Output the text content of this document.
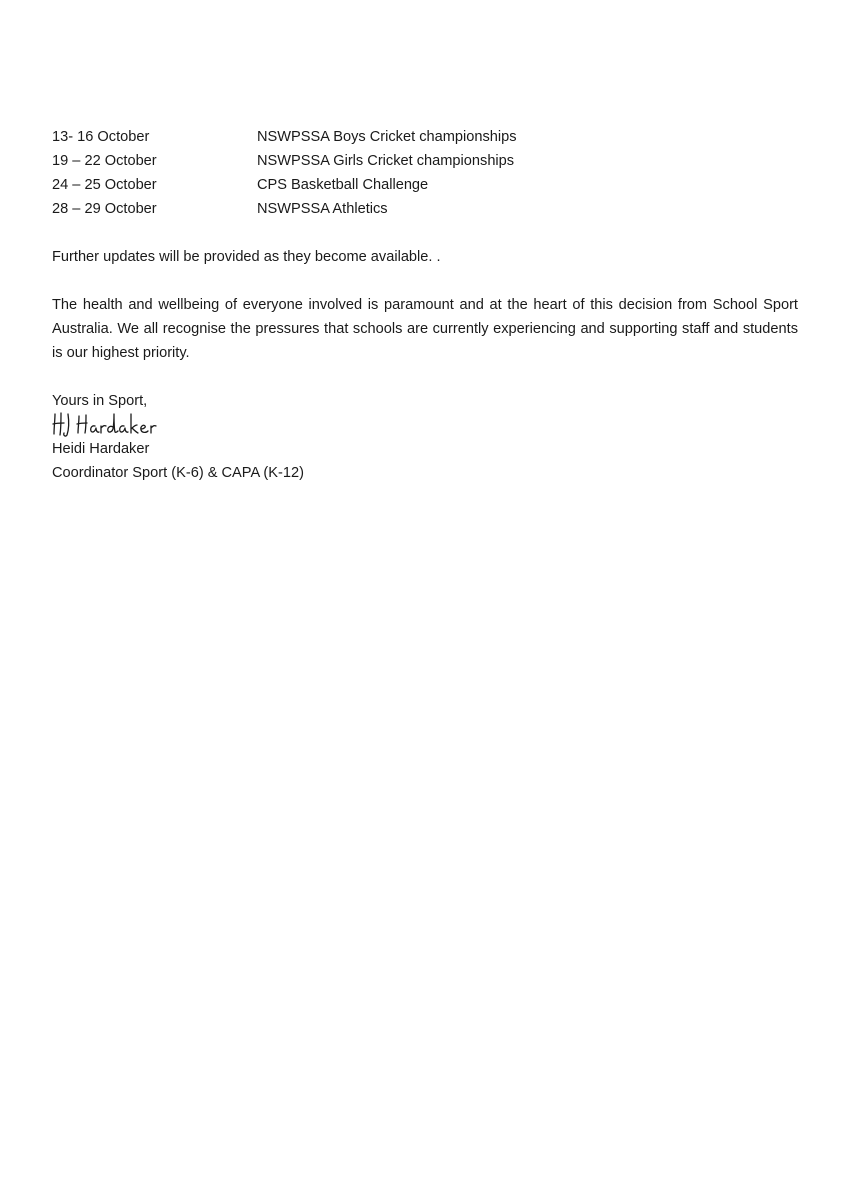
13- 16 October	NSWPSSA Boys Cricket championships
19 – 22 October	NSWPSSA Girls Cricket championships
24 – 25 October	CPS Basketball Challenge
28 – 29 October	NSWPSSA Athletics

Further updates will be provided as they become available. .

The health and wellbeing of everyone involved is paramount and at the heart of this decision from School Sport Australia. We all recognise the pressures that schools are currently experiencing and supporting staff and students is our highest priority.

Yours in Sport,

Heidi Hardaker

Coordinator Sport (K-6) & CAPA (K-12)
